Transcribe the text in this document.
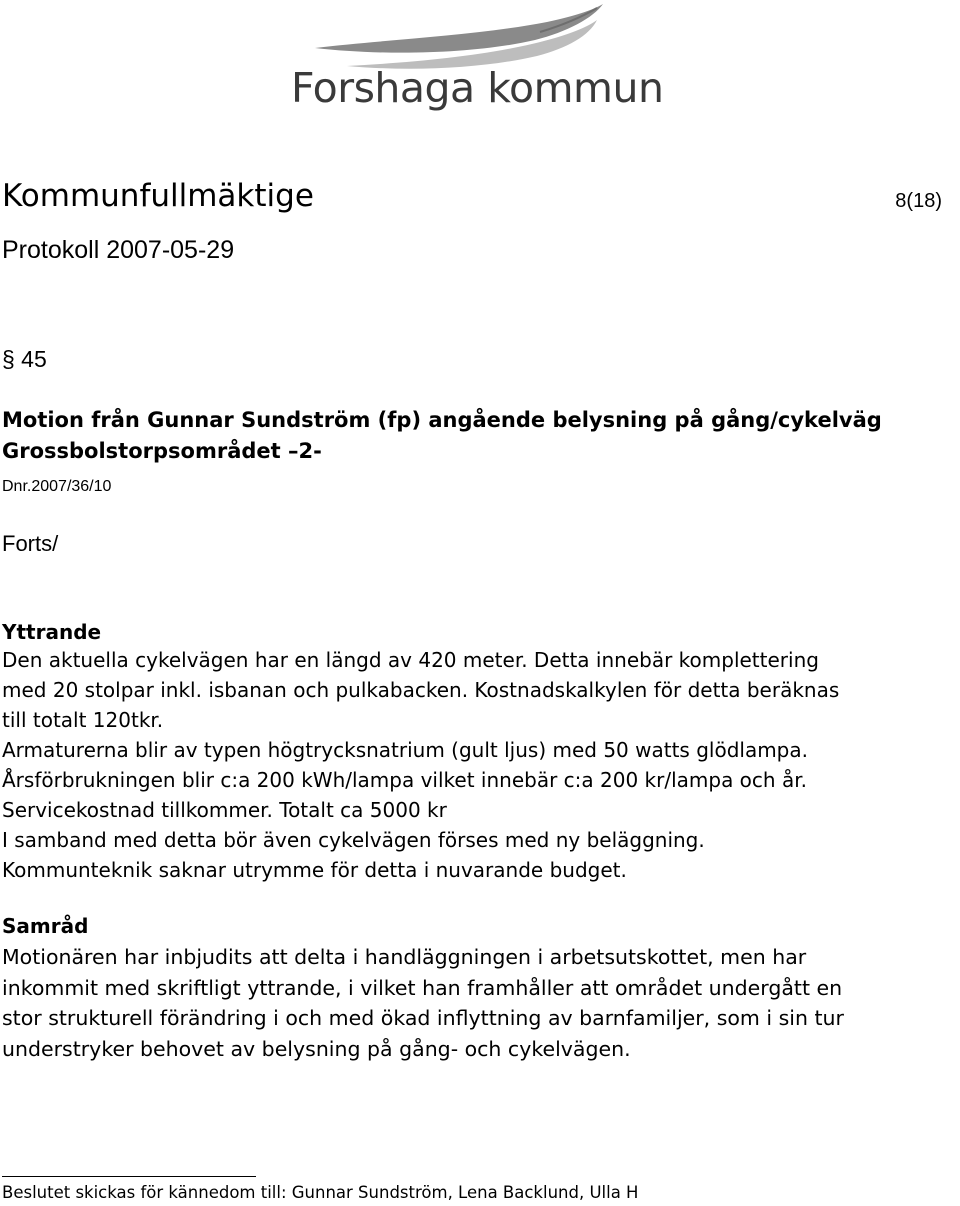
Forshaga kommun
Kommunfullmäktige	8(18)
Protokoll 2007-05-29
§ 45
Motion från Gunnar Sundström (fp) angående belysning på gång/cykelväg
Grossbolstorpsområdet –2-
Dnr.2007/36/10
Forts/
Yttrande
Den aktuella cykelvägen har en längd av 420 meter. Detta innebär komplettering
med 20 stolpar inkl. isbanan och pulkabacken. Kostnadskalkylen för detta beräknas
till totalt 120tkr.
Armaturerna blir av typen högtrycksnatrium (gult ljus) med 50 watts glödlampa.
Årsförbrukningen blir c:a 200 kWh/lampa vilket innebär c:a 200 kr/lampa och år.
Servicekostnad tillkommer. Totalt ca 5000 kr
I samband med detta bör även cykelvägen förses med ny beläggning.
Kommunteknik saknar utrymme för detta i nuvarande budget.
Samråd
Motionären har inbjudits att delta i handläggningen i arbetsutskottet, men har
inkommit med skriftligt yttrande, i vilket han framhåller att området undergått en
stor strukturell förändring i och med ökad inflyttning av barnfamiljer, som i sin tur
understryker behovet av belysning på gång- och cykelvägen.
Beslutet skickas för kännedom till: Gunnar Sundström, Lena Backlund, Ulla H
